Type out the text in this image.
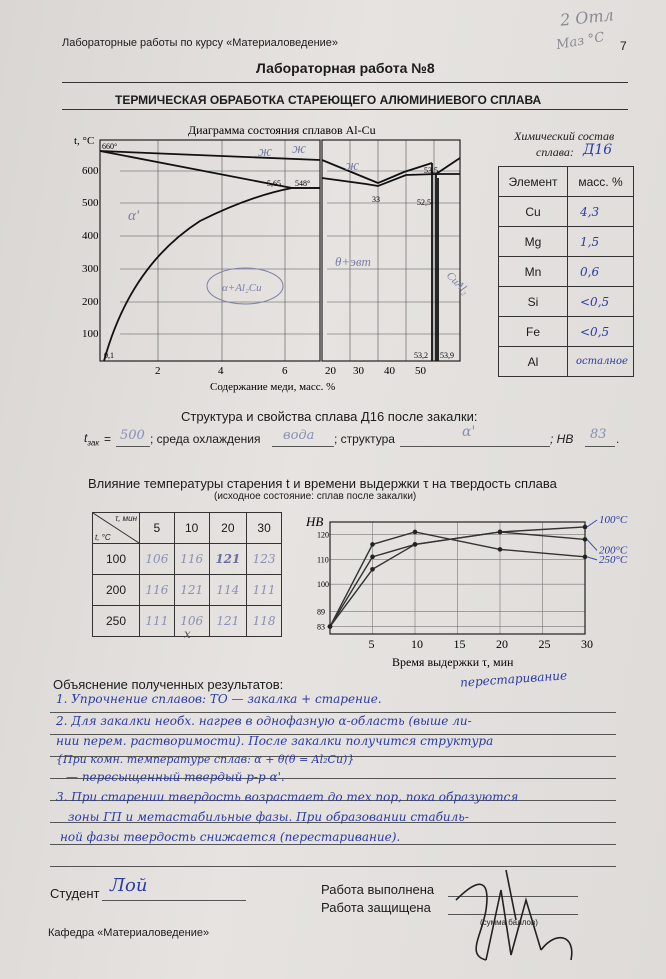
Лабораторные работы по курсу «Материаловедение»	7
2 Отл
Маз °С
Лабораторная работа №8
ТЕРМИЧЕСКАЯ ОБРАБОТКА СТАРЕЮЩЕГО АЛЮМИНИЕВОГО СПЛАВА
Диаграмма состояния сплавов Al-Cu
t, °С
600
500
400
300
200
100
2	4	6	20 30 40 50
Содержание меди, масс. %
660°
548°
5,65
33
53,5
52,5
53,2 53,9
0,1
ж ж
ж
α'
α+Al₂Cu
θ+эвт
CuAl₂
Химический состав
сплава: Д16
Элемент	масс. %
Cu	4,3
Mg	1,5
Mn	0,6
Si	<0,5
Fe	<0,5
Al	осталное
Структура и свойства сплава Д16 после закалки:
$t_{зак} = 500$ ; среда охлаждения вода ; структура	α'	; НВ 83 .
Влияние температуры старения t и времени выдержки τ на твердость сплава
(исходное состояние: сплав после закалки)
τ, мин
t, °С	5	10	20	30
100	106	116	121	123
200	116	121	114	111
250	111	106	121	118
x
НВ
120
110
100
89
83
5	10	15	20	25	30
100°С
250°С
200°С
Время выдержки τ, мин
Объяснение полученных результатов:	перестаривание
1. Упрочнение сплавов: ТО — закалка + старение.
2. Для закалки необх. нагрев в однофазную α-область (выше ли-
нии перем. растворимости). После закалки получится структура
{При комн. температуре сплав: α + θ(θ = Al₂Cu)}
— пересыщенный твердый р-р α'.
3. При старении твердость возрастает до тех пор, пока образуются
зоны ГП и метастабильные фазы. При образовании стабиль-
ной фазы твердость снижается (перестаривание).
Студент Лой	Работа выполнена
Работа защищена
(сумма баллов)
Кафедра «Материаловедение»
